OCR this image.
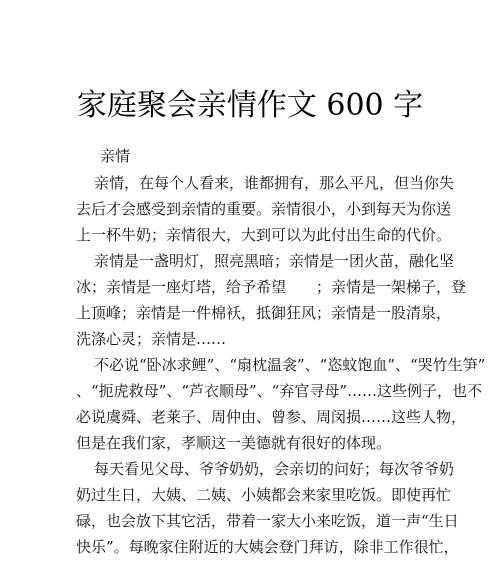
家庭聚会亲情作文 600 字
亲情
亲情，在每个人看来，谁都拥有，那么平凡，但当你失
去后才会感受到亲情的重要。亲情很小，小到每天为你送
上一杯牛奶；亲情很大，大到可以为此付出生命的代价。
亲情是一盏明灯，照亮黑暗；亲情是一团火苗，融化坚
冰；亲情是一座灯塔，给予希望　　；亲情是一架梯子，登
上顶峰；亲情是一件棉袄，抵御狂风；亲情是一股清泉，
洗涤心灵；亲情是……
不必说“卧冰求鲤”、“扇枕温衾”、“恣蚊饱血”、“哭竹生笋”
、“扼虎救母”、“芦衣顺母”、“弃官寻母”……这些例子，也不
必说虞舜、老莱子、周仲由、曾参、周闵损……这些人物，
但是在我们家，孝顺这一美德就有很好的体现。
每天看见父母、爷爷奶奶，会亲切的问好；每次爷爷奶
奶过生日，大姨、二姨、小姨都会来家里吃饭。即使再忙
碌，也会放下其它活，带着一家大小来吃饭，道一声“生日
快乐”。每晚家住附近的大姨会登门拜访，除非工作很忙，
